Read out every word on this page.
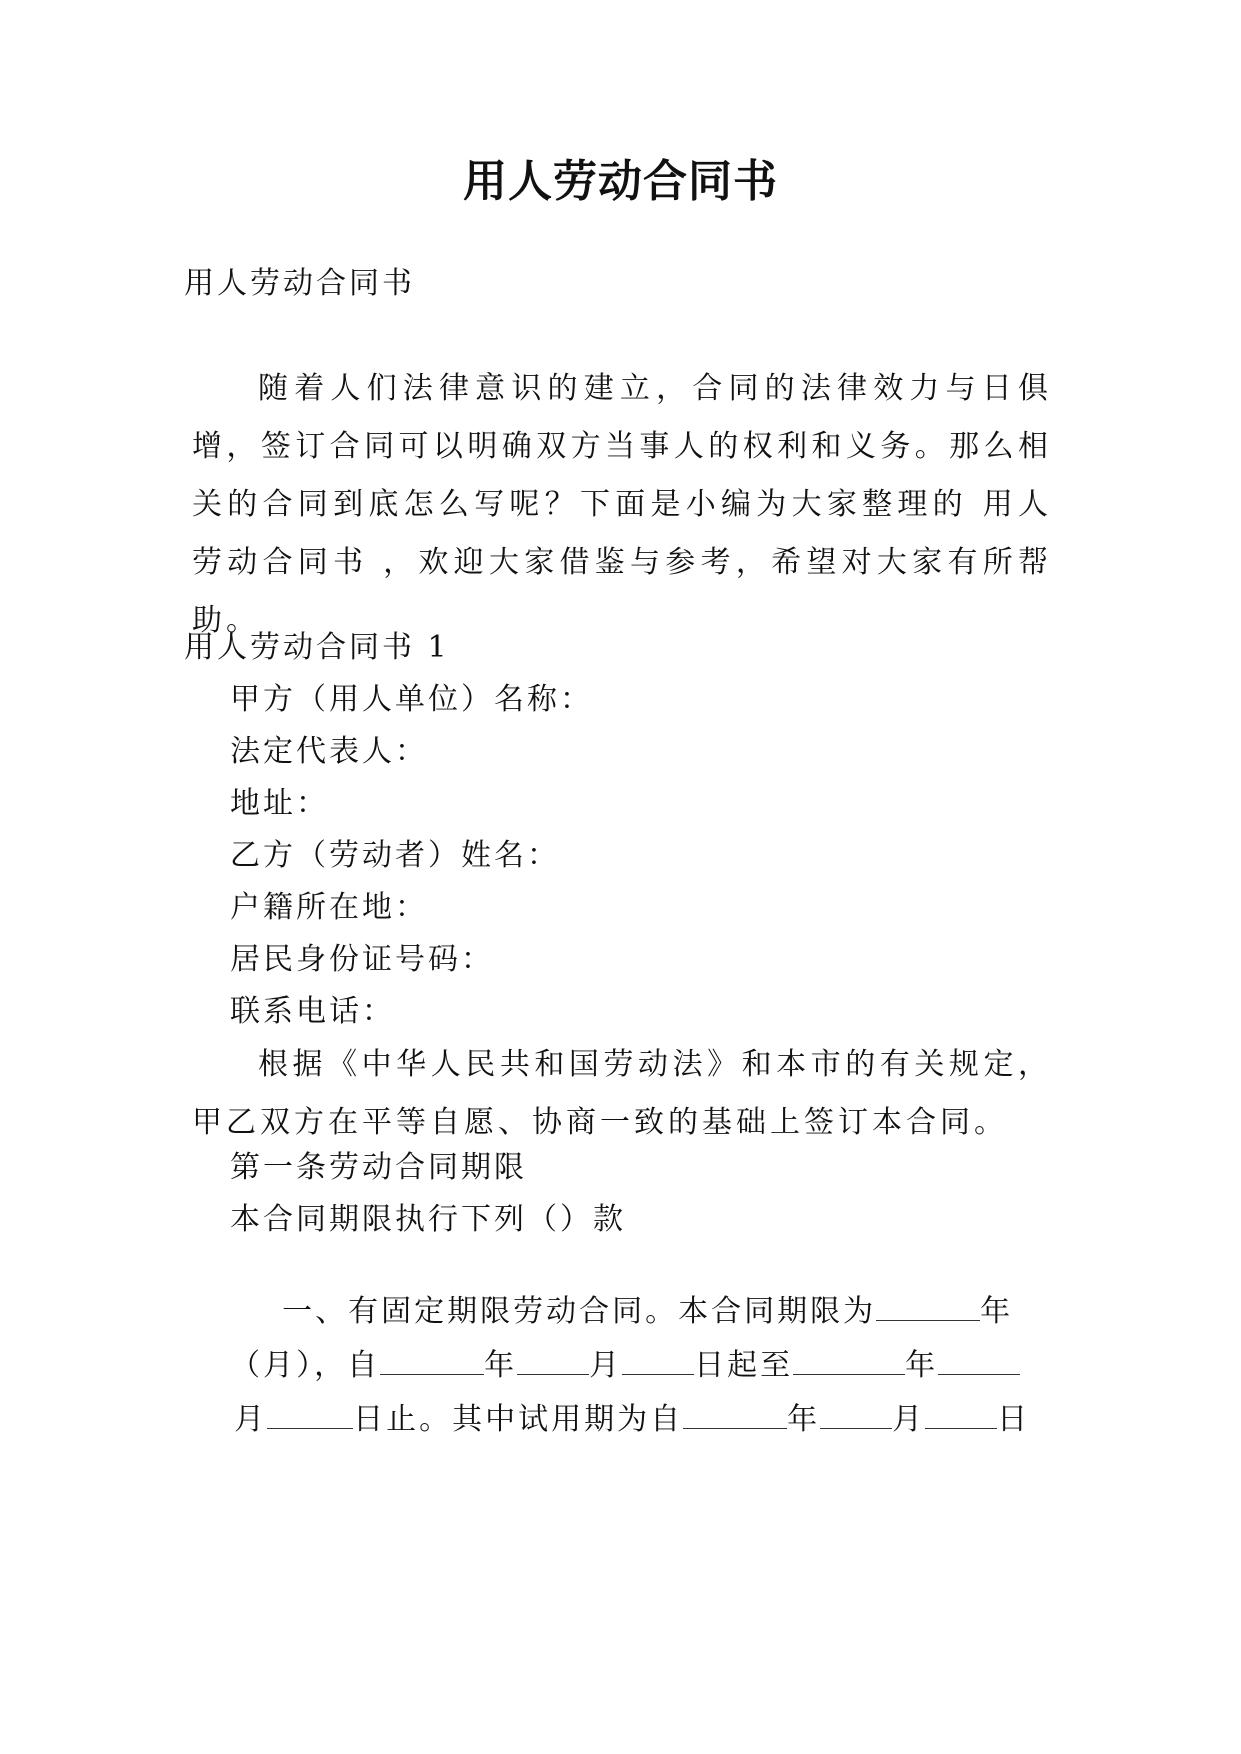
用人劳动合同书
用人劳动合同书
随着人们法律意识的建立，合同的法律效力与日俱增，签订合同可以明确双方当事人的权利和义务。那么相关的合同到底怎么写呢？下面是小编为大家整理的 用人劳动合同书 ，欢迎大家借鉴与参考，希望对大家有所帮助。
用人劳动合同书 1
甲方（用人单位）名称：
法定代表人：
地址：
乙方（劳动者）姓名：
户籍所在地：
居民身份证号码：
联系电话：
根据《中华人民共和国劳动法》和本市的有关规定，甲乙双方在平等自愿、协商一致的基础上签订本合同。
第一条劳动合同期限
本合同期限执行下列（）款

一、有固定期限劳动合同。本合同期限为	年

（月），自	年 月 日起至	年

月	日止。其中试用期为自	年 月 日
